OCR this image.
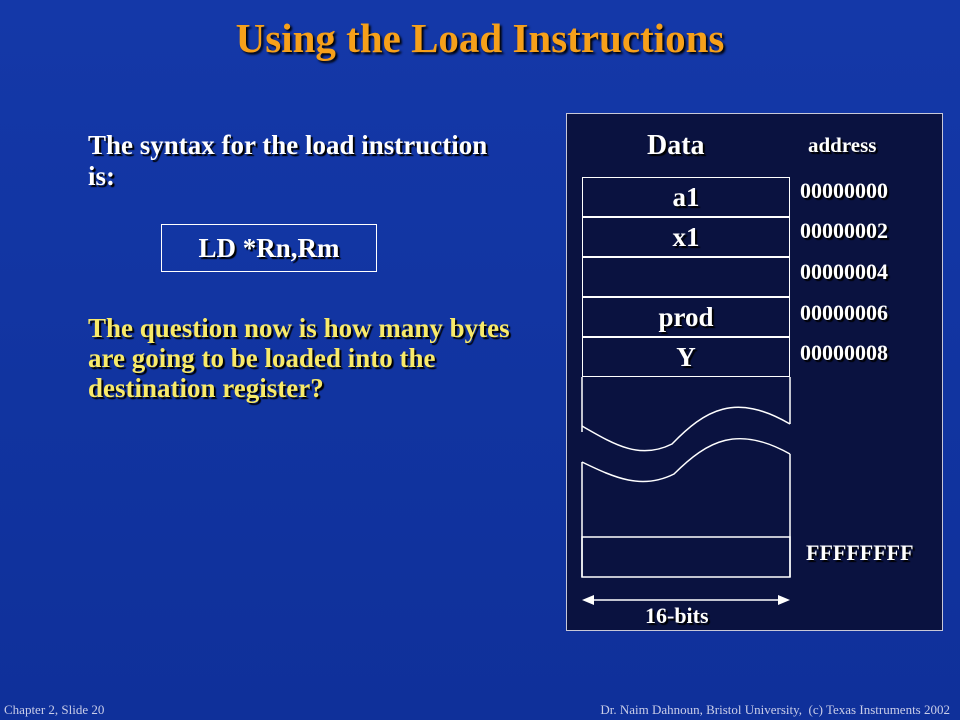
Using the Load Instructions
The syntax for the load instruction is:
LD *Rn,Rm
The question now is how many bytes are going to be loaded into the destination register?
Data	address
a1
x1
prod
Y
00000000
00000002
00000004
00000006
00000008
FFFFFFFF
16-bits
Chapter 2, Slide 20	Dr. Naim Dahnoun, Bristol University,  (c) Texas Instruments 2002
